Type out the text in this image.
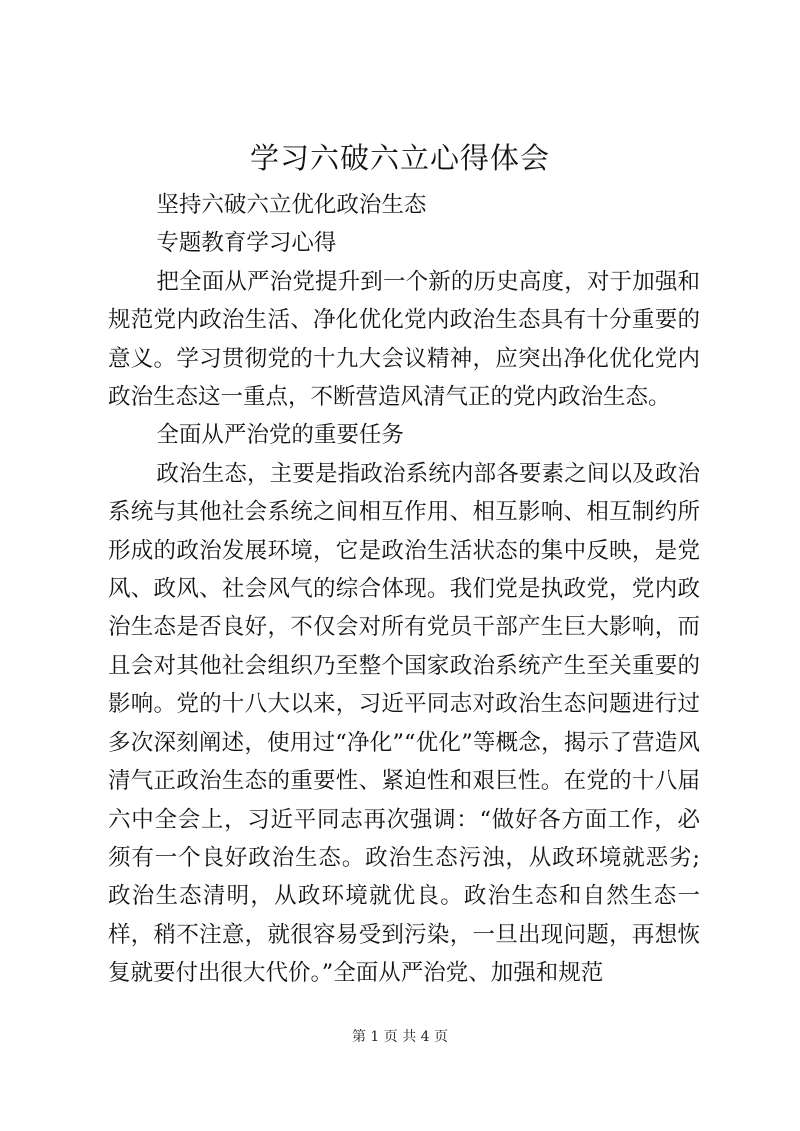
学习六破六立心得体会

坚持六破六立优化政治生态

专题教育学习心得

把全面从严治党提升到一个新的历史高度，对于加强和规范党内政治生活、净化优化党内政治生态具有十分重要的意义。学习贯彻党的十九大会议精神，应突出净化优化党内政治生态这一重点，不断营造风清气正的党内政治生态。

全面从严治党的重要任务

政治生态，主要是指政治系统内部各要素之间以及政治系统与其他社会系统之间相互作用、相互影响、相互制约所形成的政治发展环境，它是政治生活状态的集中反映，是党风、政风、社会风气的综合体现。我们党是执政党，党内政治生态是否良好，不仅会对所有党员干部产生巨大影响，而且会对其他社会组织乃至整个国家政治系统产生至关重要的影响。党的十八大以来，习近平同志对政治生态问题进行过多次深刻阐述，使用过“净化”“优化”等概念，揭示了营造风清气正政治生态的重要性、紧迫性和艰巨性。在党的十八届六中全会上，习近平同志再次强调：“做好各方面工作，必须有一个良好政治生态。政治生态污浊，从政环境就恶劣;政治生态清明，从政环境就优良。政治生态和自然生态一样，稍不注意，就很容易受到污染，一旦出现问题，再想恢复就要付出很大代价。”全面从严治党、加强和规范

第 1 页 共 4 页
